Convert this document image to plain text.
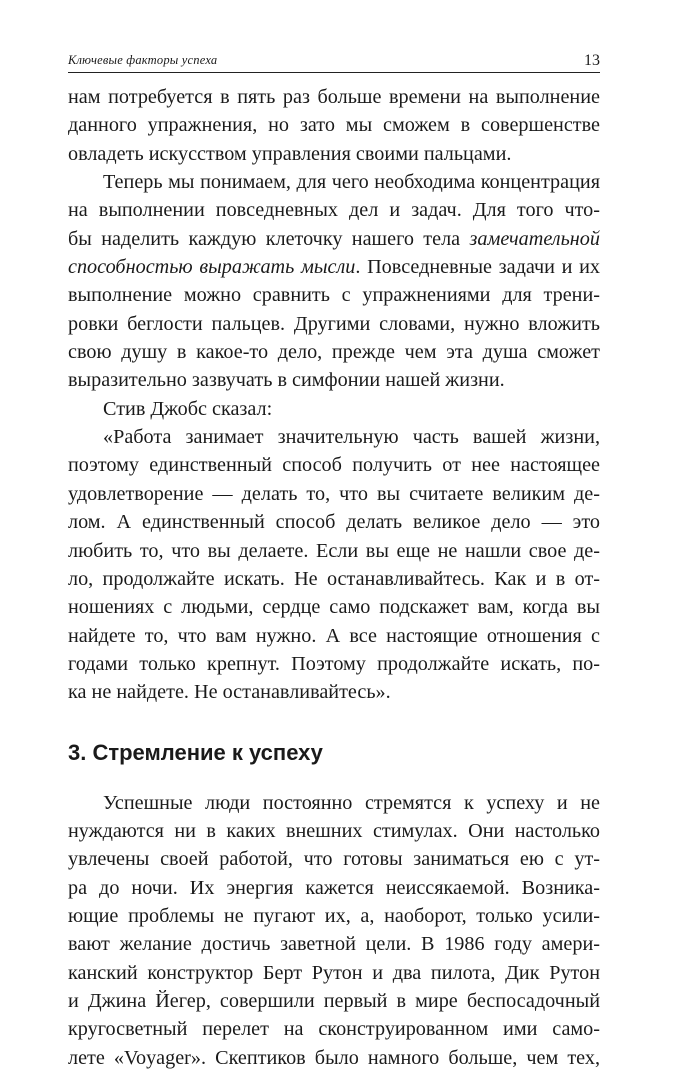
Ключевые факторы успеха	13
нам потребуется в пять раз больше времени на выполнение
данного упражнения, но зато мы сможем в совершенстве
овладеть искусством управления своими пальцами.
Теперь мы понимаем, для чего необходима концентрация
на выполнении повседневных дел и задач. Для того что-
бы наделить каждую клеточку нашего тела замечательной
способностью выражать мысли. Повседневные задачи и их
выполнение можно сравнить с упражнениями для трени-
ровки беглости пальцев. Другими словами, нужно вложить
свою душу в какое-то дело, прежде чем эта душа сможет
выразительно зазвучать в симфонии нашей жизни.
Стив Джобс сказал:
«Работа занимает значительную часть вашей жизни,
поэтому единственный способ получить от нее настоящее
удовлетворение — делать то, что вы считаете великим де-
лом. А единственный способ делать великое дело — это
любить то, что вы делаете. Если вы еще не нашли свое де-
ло, продолжайте искать. Не останавливайтесь. Как и в от-
ношениях с людьми, сердце само подскажет вам, когда вы
найдете то, что вам нужно. А все настоящие отношения с
годами только крепнут. Поэтому продолжайте искать, по-
ка не найдете. Не останавливайтесь».
3. Стремление к успеху
Успешные люди постоянно стремятся к успеху и не
нуждаются ни в каких внешних стимулах. Они настолько
увлечены своей работой, что готовы заниматься ею с ут-
ра до ночи. Их энергия кажется неиссякаемой. Возника-
ющие проблемы не пугают их, а, наоборот, только усили-
вают желание достичь заветной цели. В 1986 году амери-
канский конструктор Берт Рутон и два пилота, Дик Рутон
и Джина Йегер, совершили первый в мире беспосадочный
кругосветный перелет на сконструированном ими само-
лете «Voyager». Скептиков было намного больше, чем тех,
